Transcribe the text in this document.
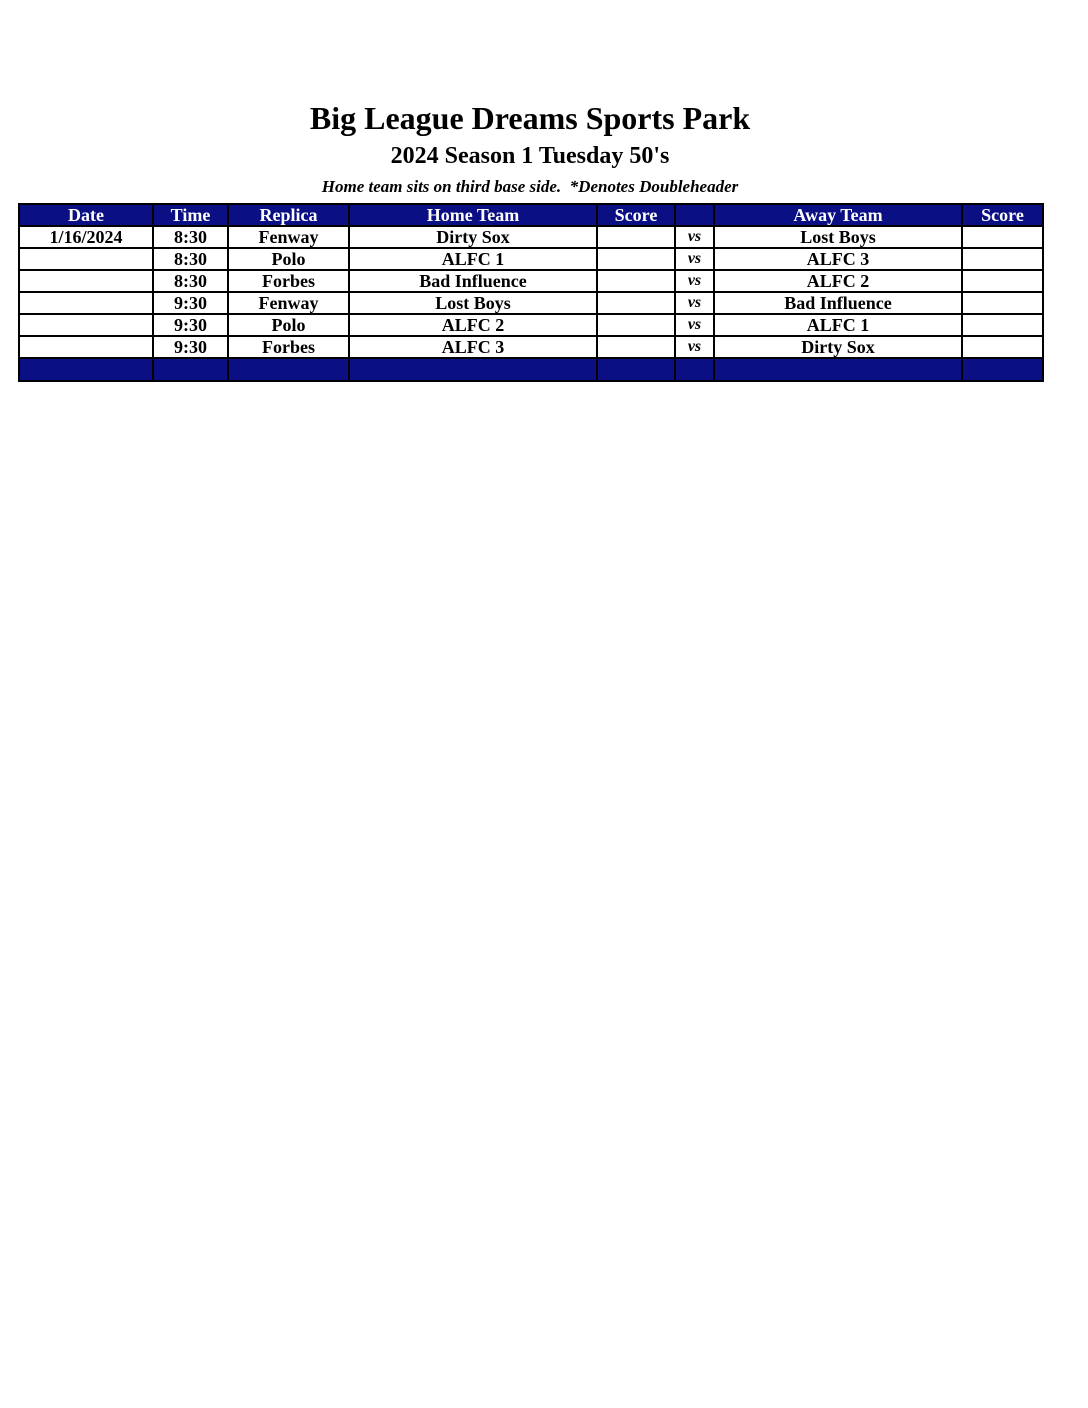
Big League Dreams Sports Park
2024 Season 1 Tuesday 50's
Home team sits on third base side.  *Denotes Doubleheader
Date	Time	Replica	Home Team	Score		Away Team	Score
1/16/2024	8:30	Fenway	Dirty Sox		vs	Lost Boys	
	8:30	Polo	ALFC 1		vs	ALFC 3	
	8:30	Forbes	Bad Influence		vs	ALFC 2	
	9:30	Fenway	Lost Boys		vs	Bad Influence	
	9:30	Polo	ALFC 2		vs	ALFC 1	
	9:30	Forbes	ALFC 3		vs	Dirty Sox	
